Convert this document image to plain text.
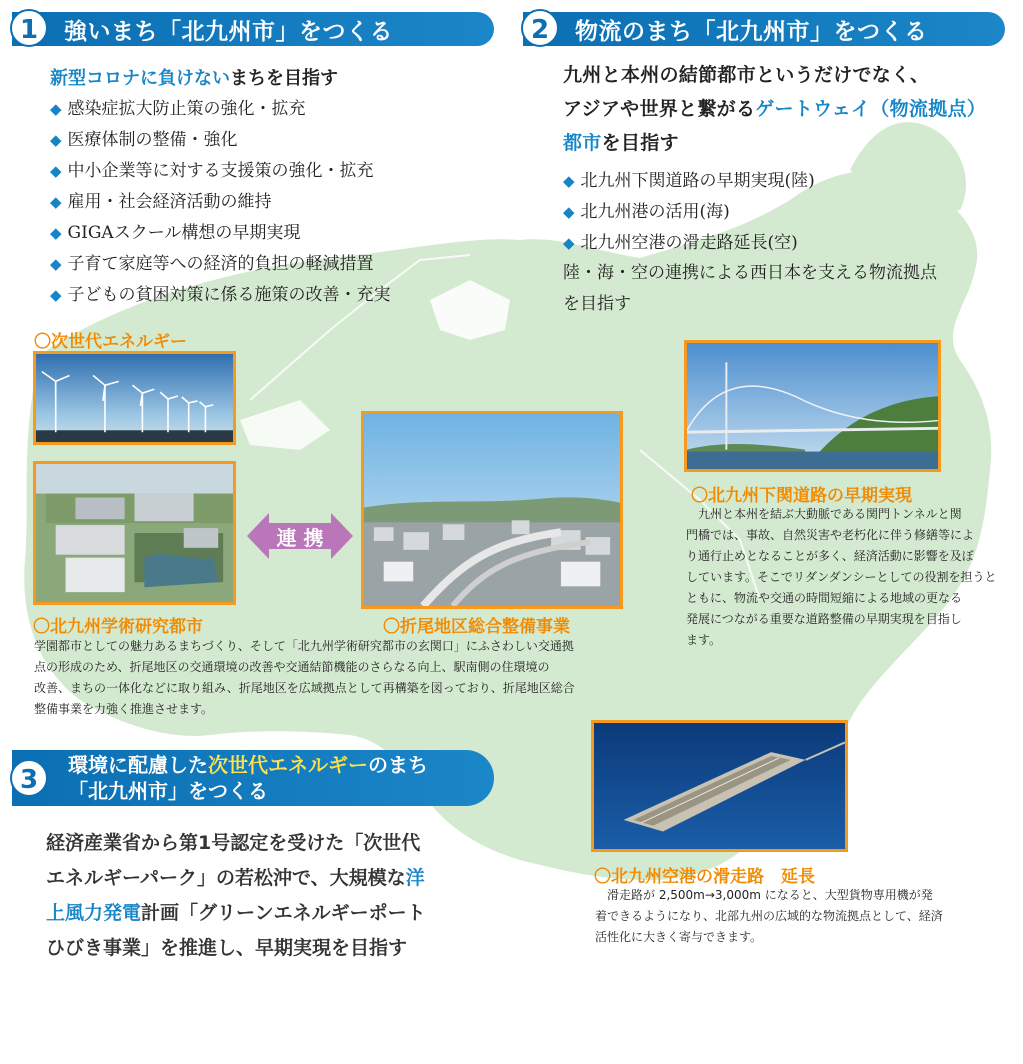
1	強いまち「北九州市」をつくる
新型コロナに負けないまちを目指す
◆ 感染症拡大防止策の強化・拡充
◆ 医療体制の整備・強化
◆ 中小企業等に対する支援策の強化・拡充
◆ 雇用・社会経済活動の維持
◆ GIGAスクール構想の早期実現
◆ 子育て家庭等への経済的負担の軽減措置
◆ 子どもの貧困対策に係る施策の改善・充実
2	物流のまち「北九州市」をつくる
九州と本州の結節都市というだけでなく、
アジアや世界と繋がるゲートウェイ（物流拠点）
都市を目指す
◆ 北九州下関道路の早期実現(陸)
◆ 北九州港の活用(海)
◆ 北九州空港の滑走路延長(空)
陸・海・空の連携による西日本を支える物流拠点
を目指す
〇次世代エネルギー
連 携
〇北九州学術研究都市	〇折尾地区総合整備事業
学園都市としての魅力あるまちづくり、そして「北九州学術研究都市の玄関口」にふさわしい交通拠
点の形成のため、折尾地区の交通環境の改善や交通結節機能のさらなる向上、駅南側の住環境の
改善、まちの一体化などに取り組み、折尾地区を広域拠点として再構築を図っており、折尾地区総合
整備事業を力強く推進させます。
〇北九州下関道路の早期実現
　九州と本州を結ぶ大動脈である関門トンネルと関
門橋では、事故、自然災害や老朽化に伴う修繕等によ
り通行止めとなることが多く、経済活動に影響を及ぼ
しています。そこでリダンダンシーとしての役割を担うと
ともに、物流や交通の時間短縮による地域の更なる
発展につながる重要な道路整備の早期実現を目指し
ます。
3	環境に配慮した次世代エネルギーのまち
「北九州市」をつくる
経済産業省から第1号認定を受けた「次世代
エネルギーパーク」の若松沖で、大規模な洋
上風力発電計画「グリーンエネルギーポート
ひびき事業」を推進し、早期実現を目指す
〇北九州空港の滑走路　延長
　滑走路が 2,500m→3,000m になると、大型貨物専用機が発
着できるようになり、北部九州の広域的な物流拠点として、経済
活性化に大きく寄与できます。
